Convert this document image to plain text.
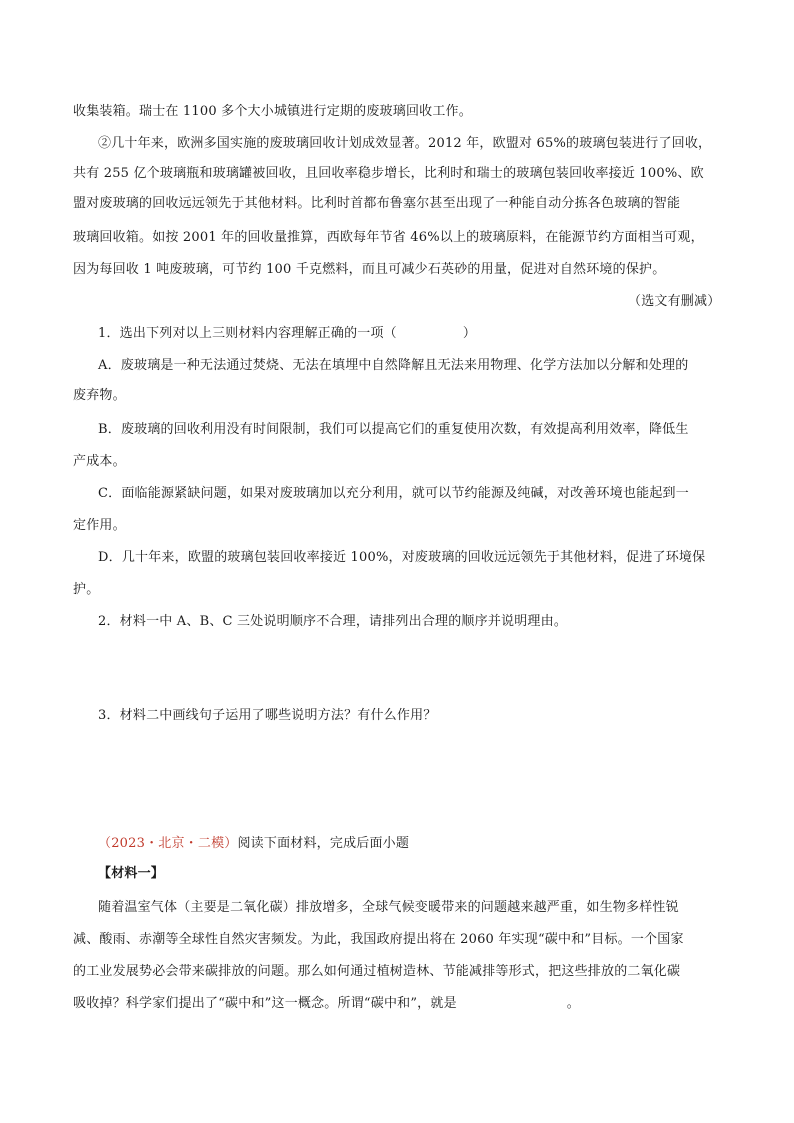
收集装箱。瑞士在 1100 多个大小城镇进行定期的废玻璃回收工作。
②几十年来，欧洲多国实施的废玻璃回收计划成效显著。2012 年，欧盟对 65%的玻璃包装进行了回收，
共有 255 亿个玻璃瓶和玻璃罐被回收，且回收率稳步增长，比利时和瑞士的玻璃包装回收率接近 100%、欧
盟对废玻璃的回收远远领先于其他材料。比利时首都布鲁塞尔甚至出现了一种能自动分拣各色玻璃的智能
玻璃回收箱。如按 2001 年的回收量推算，西欧每年节省 46%以上的玻璃原料，在能源节约方面相当可观，
因为每回收 1 吨废玻璃，可节约 100 千克燃料，而且可减少石英砂的用量，促进对自然环境的保护。
（选文有删减）
1．选出下列对以上三则材料内容理解正确的一项（	）
A．废玻璃是一种无法通过焚烧、无法在填埋中自然降解且无法来用物理、化学方法加以分解和处理的
废弃物。
B．废玻璃的回收利用没有时间限制，我们可以提高它们的重复使用次数，有效提高利用效率，降低生
产成本。
C．面临能源紧缺问题，如果对废玻璃加以充分利用，就可以节约能源及纯碱，对改善环境也能起到一
定作用。
D．几十年来，欧盟的玻璃包装回收率接近 100%，对废玻璃的回收远远领先于其他材料，促进了环境保
护。
2．材料一中 A、B、C 三处说明顺序不合理，请排列出合理的顺序并说明理由。
3．材料二中画线句子运用了哪些说明方法？有什么作用？
（2023・北京・二模）阅读下面材料，完成后面小题
【材料一】
随着温室气体（主要是二氧化碳）排放增多，全球气候变暖带来的问题越来越严重，如生物多样性锐
减、酸雨、赤潮等全球性自然灾害频发。为此，我国政府提出将在 2060 年实现“碳中和”目标。一个国家
的工业发展势必会带来碳排放的问题。那么如何通过植树造林、节能减排等形式，把这些排放的二氧化碳
吸收掉？科学家们提出了“碳中和”这一概念。所谓“碳中和”，就是	。
